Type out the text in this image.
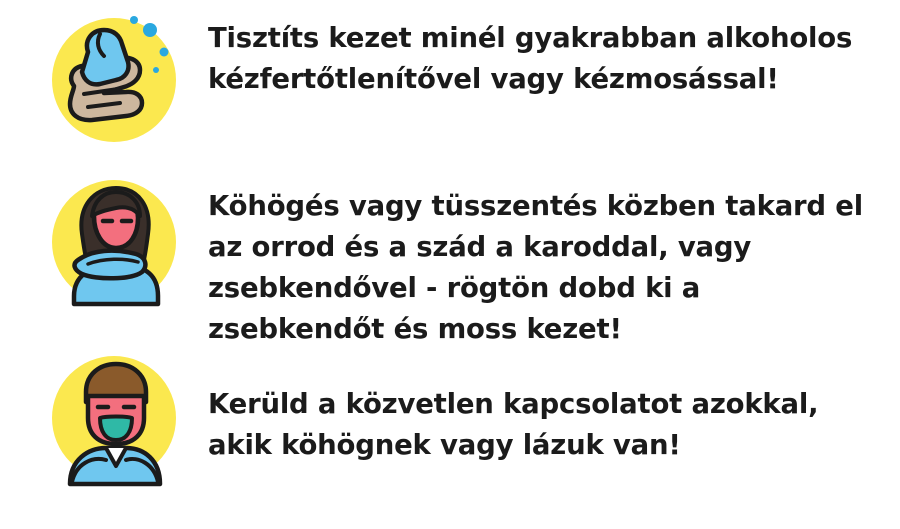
Tisztíts kezet minél gyakrabban alkoholos kézfertőtlenítővel vagy kézmosással!

Köhögés vagy tüsszentés közben takard el az orrod és a szád a karoddal, vagy zsebkendővel - rögtön dobd ki a zsebkendőt és moss kezet!

Kerüld a közvetlen kapcsolatot azokkal, akik köhögnek vagy lázuk van!
